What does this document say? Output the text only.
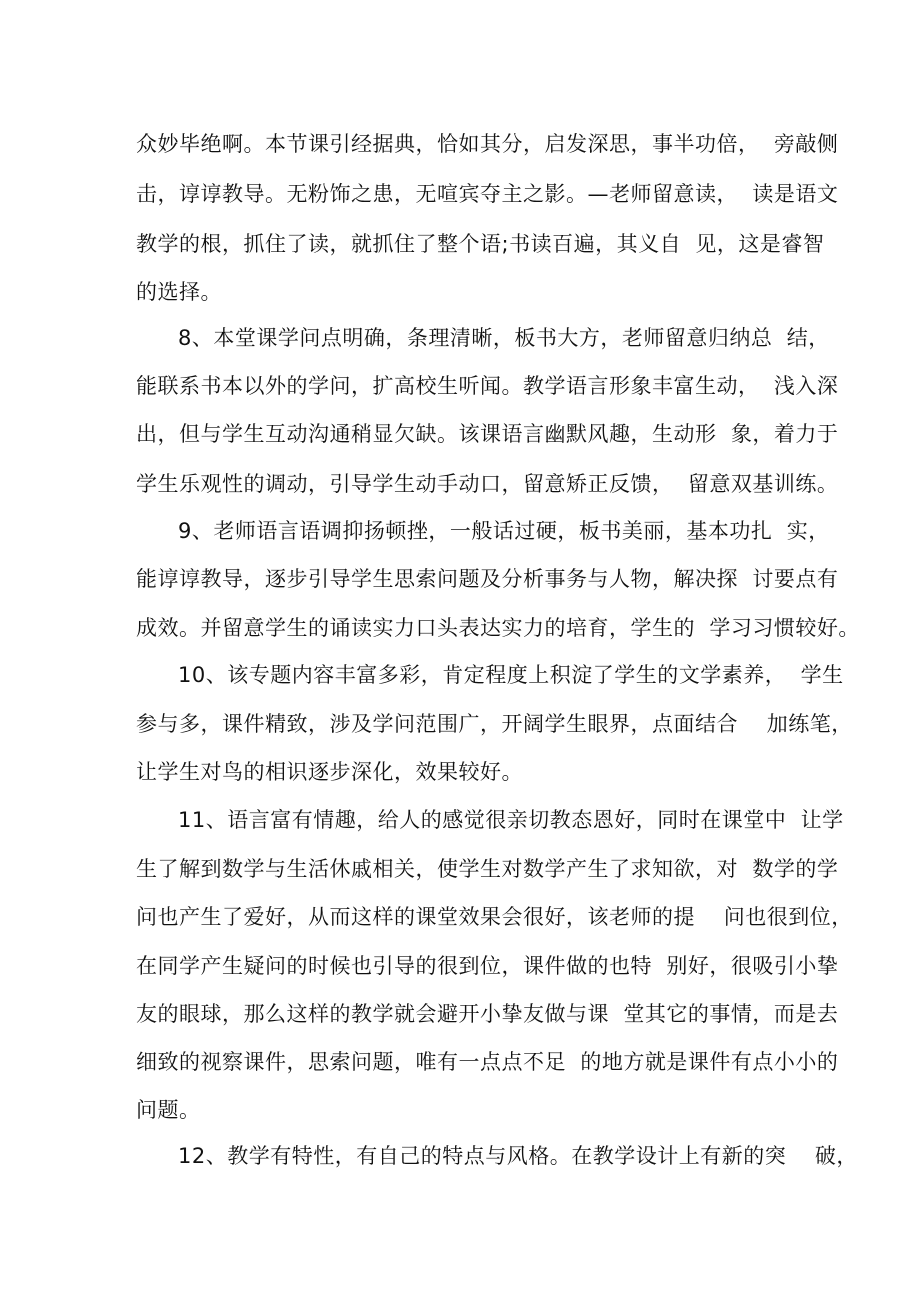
众妙毕绝啊。本节课引经据典，恰如其分，启发深思，事半功倍，  旁敲侧
击，谆谆教导。无粉饰之患，无喧宾夺主之影。—老师留意读，  读是语文
教学的根，抓住了读，就抓住了整个语;书读百遍，其义自  见，这是睿智
的选择。
8、本堂课学问点明确，条理清晰，板书大方，老师留意归纳总  结，
能联系书本以外的学问，扩高校生听闻。教学语言形象丰富生动，  浅入深
出，但与学生互动沟通稍显欠缺。该课语言幽默风趣，生动形  象，着力于
学生乐观性的调动，引导学生动手动口，留意矫正反馈，  留意双基训练。
9、老师语言语调抑扬顿挫，一般话过硬，板书美丽，基本功扎  实，
能谆谆教导，逐步引导学生思索问题及分析事务与人物，解决探  讨要点有
成效。并留意学生的诵读实力口头表达实力的培育，学生的  学习习惯较好。
10、该专题内容丰富多彩，肯定程度上积淀了学生的文学素养，  学生
参与多，课件精致，涉及学问范围广，开阔学生眼界，点面结合    加练笔，
让学生对鸟的相识逐步深化，效果较好。
11、语言富有情趣，给人的感觉很亲切教态恩好，同时在课堂中  让学
生了解到数学与生活休戚相关，使学生对数学产生了求知欲，对  数学的学
问也产生了爱好，从而这样的课堂效果会很好，该老师的提    问也很到位，
在同学产生疑问的时候也引导的很到位，课件做的也特  别好，很吸引小挚
友的眼球，那么这样的教学就会避开小挚友做与课  堂其它的事情，而是去
细致的视察课件，思索问题，唯有一点点不足  的地方就是课件有点小小的
问题。
12、教学有特性，有自己的特点与风格。在教学设计上有新的突    破，
